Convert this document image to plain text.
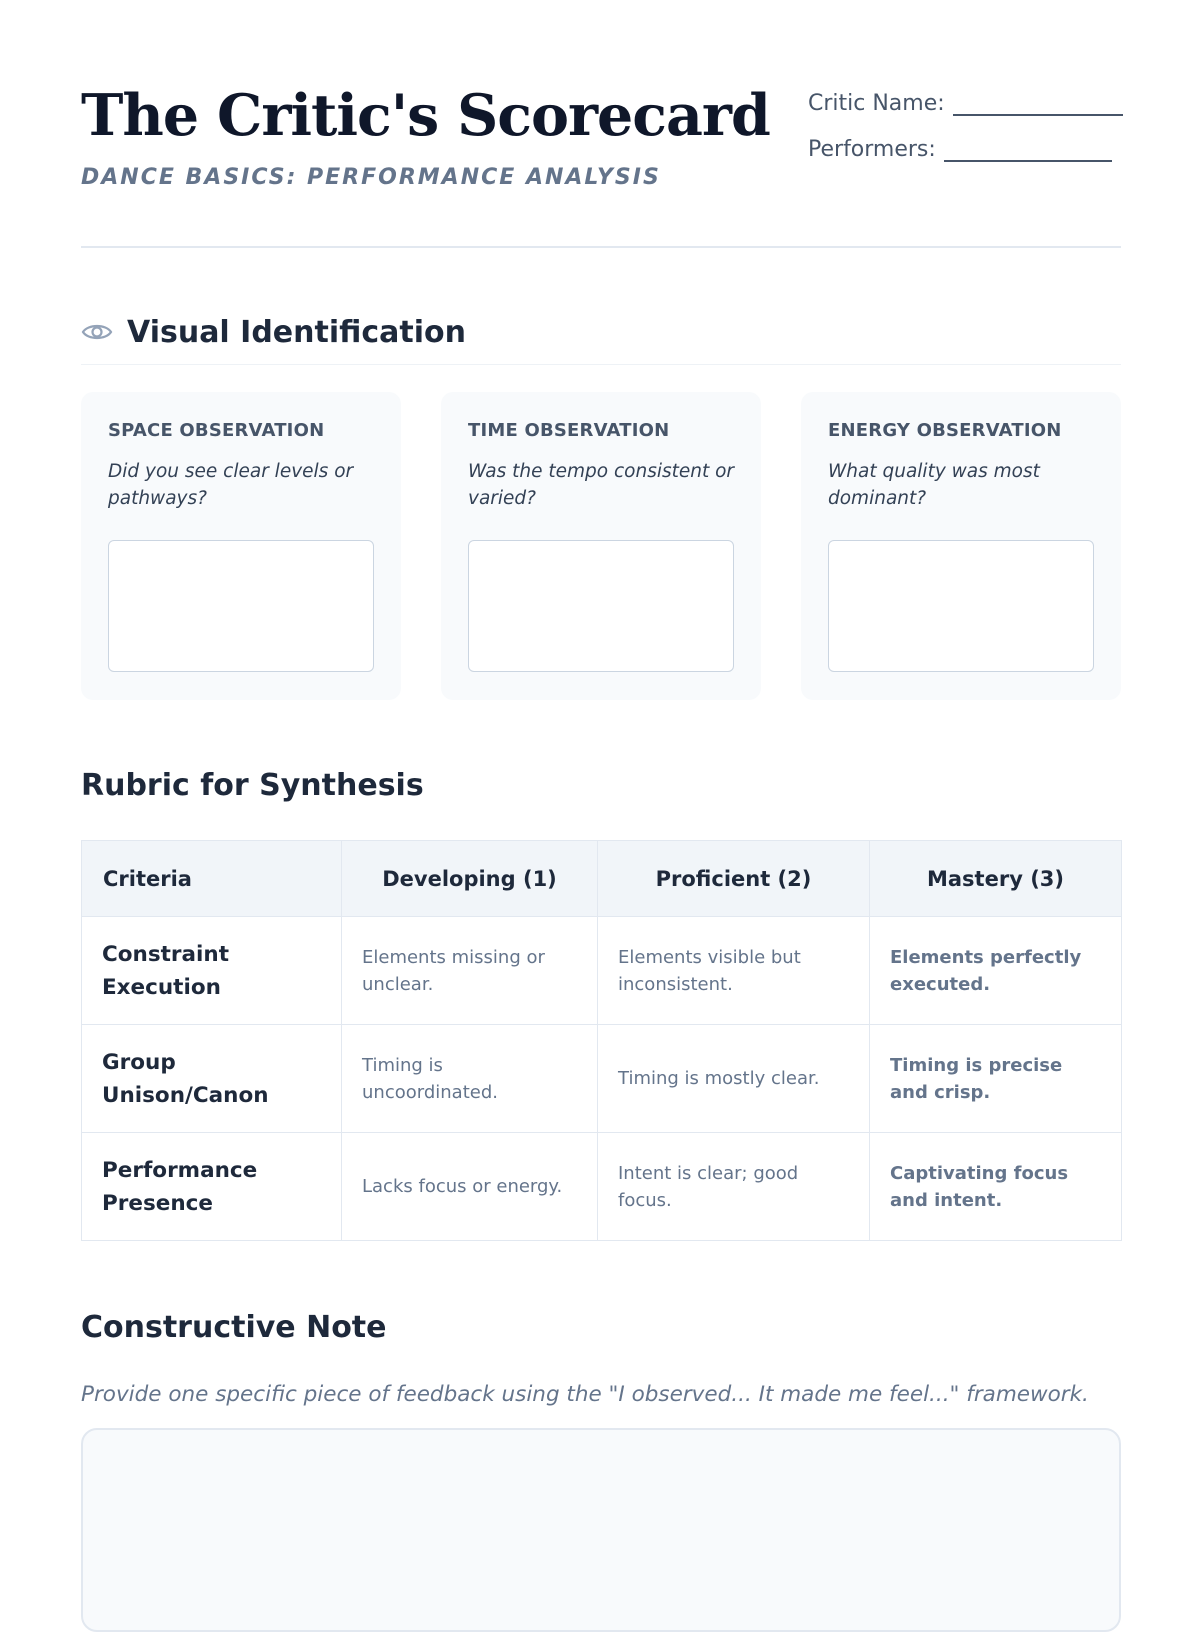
The Critic's Scorecard
DANCE BASICS: PERFORMANCE ANALYSIS
Critic Name:
Performers:
Visual Identification
SPACE OBSERVATION
Did you see clear levels or pathways?
TIME OBSERVATION
Was the tempo consistent or varied?
ENERGY OBSERVATION
What quality was most dominant?
Rubric for Synthesis
Criteria	Developing (1)	Proficient (2)	Mastery (3)
Constraint Execution	Elements missing or unclear.	Elements visible but inconsistent.	Elements perfectly executed.
Group Unison/Canon	Timing is uncoordinated.	Timing is mostly clear.	Timing is precise and crisp.
Performance Presence	Lacks focus or energy.	Intent is clear; good focus.	Captivating focus and intent.
Constructive Note
Provide one specific piece of feedback using the "I observed... It made me feel..." framework.
